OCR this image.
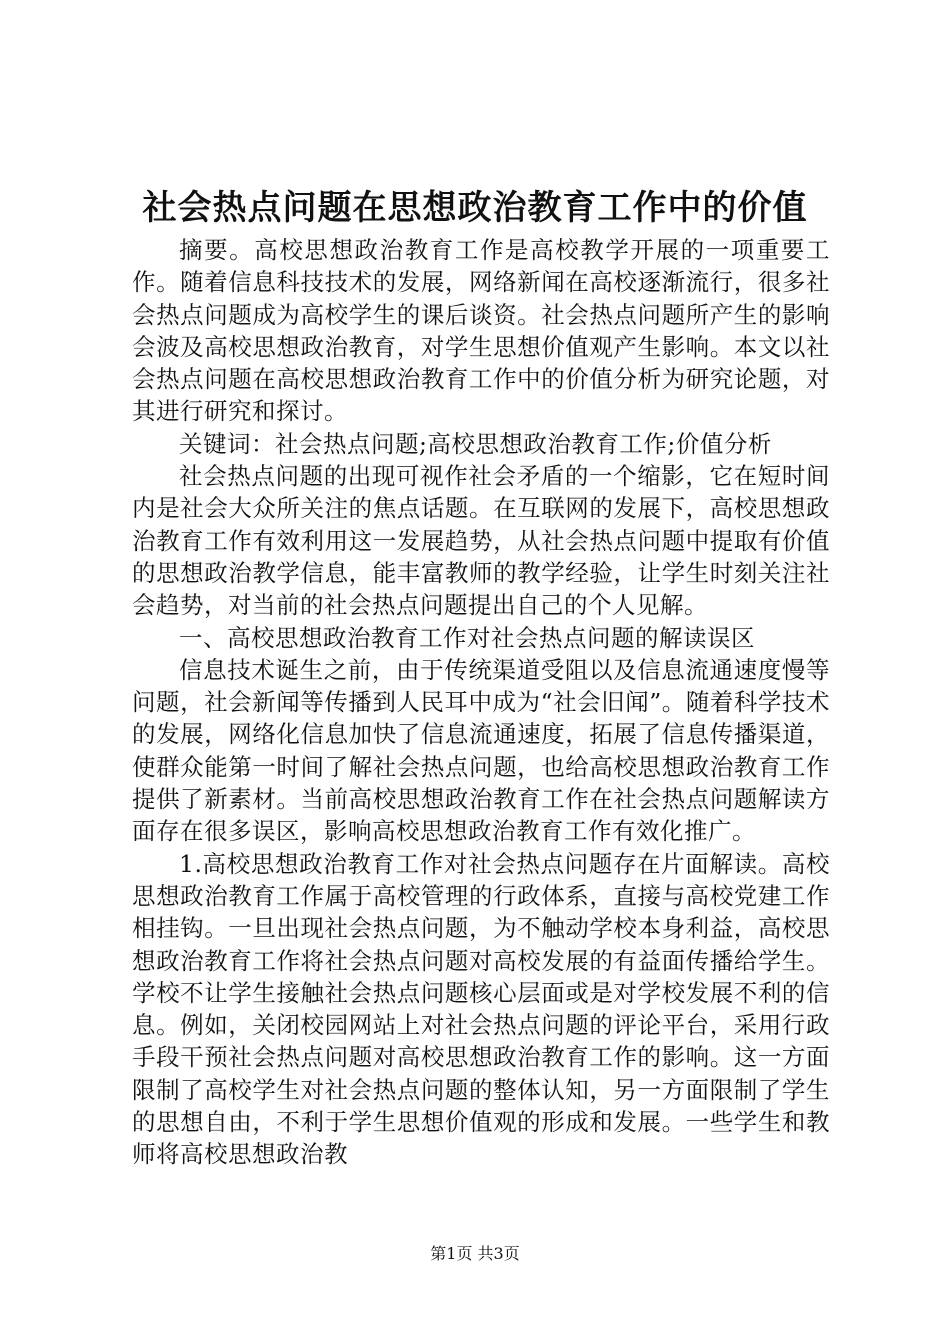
社会热点问题在思想政治教育工作中的价值

摘要。高校思想政治教育工作是高校教学开展的一项重要工作。随着信息科技技术的发展，网络新闻在高校逐渐流行，很多社会热点问题成为高校学生的课后谈资。社会热点问题所产生的影响会波及高校思想政治教育，对学生思想价值观产生影响。本文以社会热点问题在高校思想政治教育工作中的价值分析为研究论题，对其进行研究和探讨。

关键词：社会热点问题;高校思想政治教育工作;价值分析

社会热点问题的出现可视作社会矛盾的一个缩影，它在短时间内是社会大众所关注的焦点话题。在互联网的发展下，高校思想政治教育工作有效利用这一发展趋势，从社会热点问题中提取有价值的思想政治教学信息，能丰富教师的教学经验，让学生时刻关注社会趋势，对当前的社会热点问题提出自己的个人见解。

一、高校思想政治教育工作对社会热点问题的解读误区

信息技术诞生之前，由于传统渠道受阻以及信息流通速度慢等问题，社会新闻等传播到人民耳中成为“社会旧闻”。随着科学技术的发展，网络化信息加快了信息流通速度，拓展了信息传播渠道，使群众能第一时间了解社会热点问题，也给高校思想政治教育工作提供了新素材。当前高校思想政治教育工作在社会热点问题解读方面存在很多误区，影响高校思想政治教育工作有效化推广。

1.高校思想政治教育工作对社会热点问题存在片面解读。高校思想政治教育工作属于高校管理的行政体系，直接与高校党建工作相挂钩。一旦出现社会热点问题，为不触动学校本身利益，高校思想政治教育工作将社会热点问题对高校发展的有益面传播给学生。学校不让学生接触社会热点问题核心层面或是对学校发展不利的信息。例如，关闭校园网站上对社会热点问题的评论平台，采用行政手段干预社会热点问题对高校思想政治教育工作的影响。这一方面限制了高校学生对社会热点问题的整体认知，另一方面限制了学生的思想自由，不利于学生思想价值观的形成和发展。一些学生和教师将高校思想政治教

第1页 共3页
